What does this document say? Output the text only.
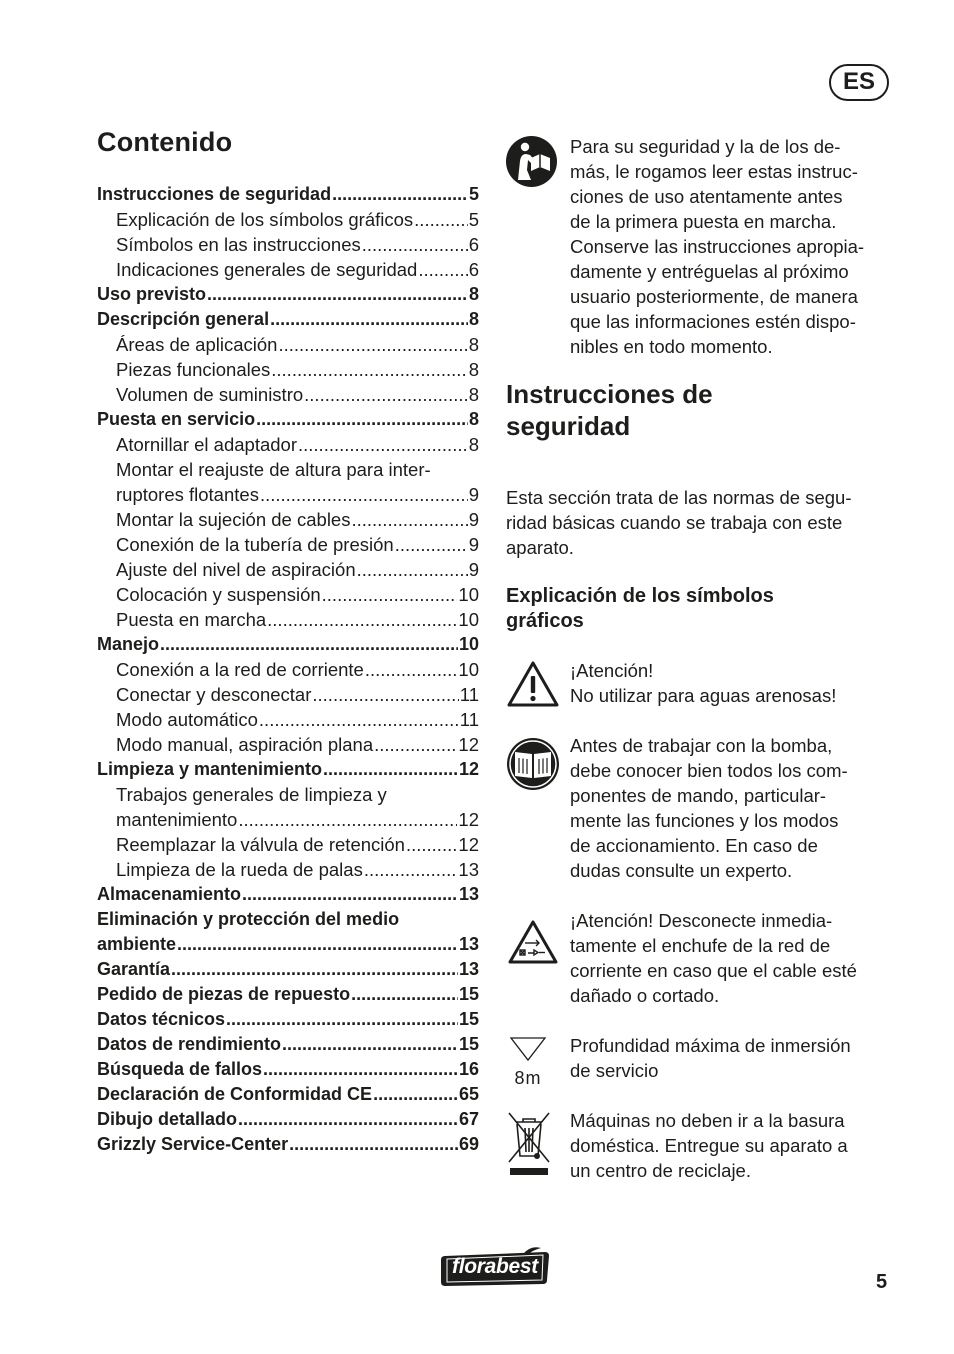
ES
Contenido
Instrucciones de seguridad .....	5
Explicación de los símbolos gráficos .....	5
Símbolos en las instrucciones .....	6
Indicaciones generales de seguridad .....	6
Uso previsto .....	8
Descripción general .....	8
Áreas de aplicación .....	8
Piezas funcionales .....	8
Volumen de suministro .....	8
Puesta en servicio .....	8
Atornillar el adaptador .....	8
Montar el reajuste de altura para inter-
ruptores flotantes .....	9
Montar la sujeción de cables .....	9
Conexión de la tubería de presión .....	9
Ajuste del nivel de aspiración .....	9
Colocación y suspensión .....	10
Puesta en marcha .....	10
Manejo .....	10
Conexión a la red de corriente .....	10
Conectar y desconectar .....	11
Modo automático .....	11
Modo manual, aspiración plana .....	12
Limpieza y mantenimiento .....	12
Trabajos generales de limpieza y
mantenimiento .....	12
Reemplazar la válvula de retención .....	12
Limpieza de la rueda de palas .....	13
Almacenamiento .....	13
Eliminación y protección del medio
ambiente .....	13
Garantía .....	13
Pedido de piezas de repuesto .....	15
Datos técnicos .....	15
Datos de rendimiento .....	15
Búsqueda de fallos .....	16
Declaración de Conformidad CE .....	65
Dibujo detallado .....	67
Grizzly Service-Center .....	69
Para su seguridad y la de los de-
más, le rogamos leer estas instruc-
ciones de uso atentamente antes
de la primera puesta en marcha.
Conserve las instrucciones apropia-
damente y entréguelas al próximo
usuario posteriormente, de manera
que las informaciones estén dispo-
nibles en todo momento.
Instrucciones de
seguridad
Esta sección trata de las normas de segu-
ridad básicas cuando se trabaja con este
aparato.
Explicación de los símbolos
gráficos
¡Atención!
No utilizar para aguas arenosas!
Antes de trabajar con la bomba,
debe conocer bien todos los com-
ponentes de mando, particular-
mente las funciones y los modos
de accionamiento. En caso de
dudas consulte un experto.
¡Atención! Desconecte inmedia-
tamente el enchufe de la red de
corriente en caso que el cable esté
dañado o cortado.
8m
Profundidad máxima de inmersión
de servicio
Máquinas no deben ir a la basura
doméstica. Entregue su aparato a
un centro de reciclaje.
florabest
5
